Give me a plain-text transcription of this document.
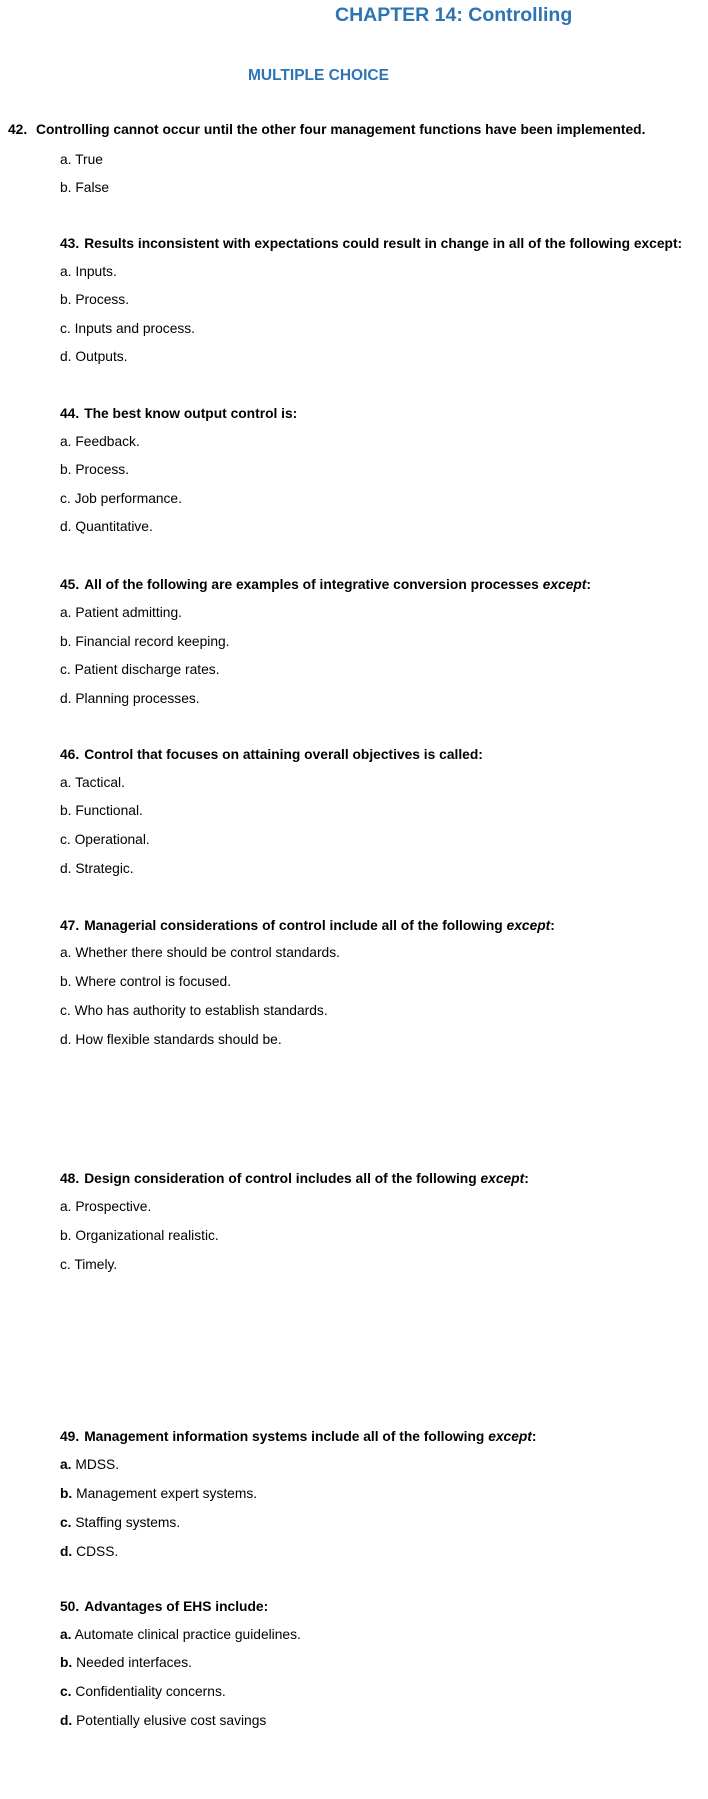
CHAPTER 14: Controlling
MULTIPLE CHOICE
42. Controlling cannot occur until the other four management functions have been implemented.
a. True
b. False
43. Results inconsistent with expectations could result in change in all of the following except:
a. Inputs.
b. Process.
c. Inputs and process.
d. Outputs.
44. The best know output control is:
a. Feedback.
b. Process.
c. Job performance.
d. Quantitative.
45. All of the following are examples of integrative conversion processes except:
a. Patient admitting.
b. Financial record keeping.
c. Patient discharge rates.
d. Planning processes.
46. Control that focuses on attaining overall objectives is called:
a. Tactical.
b. Functional.
c. Operational.
d. Strategic.
47. Managerial considerations of control include all of the following except:
a. Whether there should be control standards.
b. Where control is focused.
c. Who has authority to establish standards.
d. How flexible standards should be.
48. Design consideration of control includes all of the following except:
a. Prospective.
b. Organizational realistic.
c. Timely.
49. Management information systems include all of the following except:
a. MDSS.
b. Management expert systems.
c. Staffing systems.
d. CDSS.
50. Advantages of EHS include:
a. Automate clinical practice guidelines.
b. Needed interfaces.
c. Confidentiality concerns.
d. Potentially elusive cost savings
